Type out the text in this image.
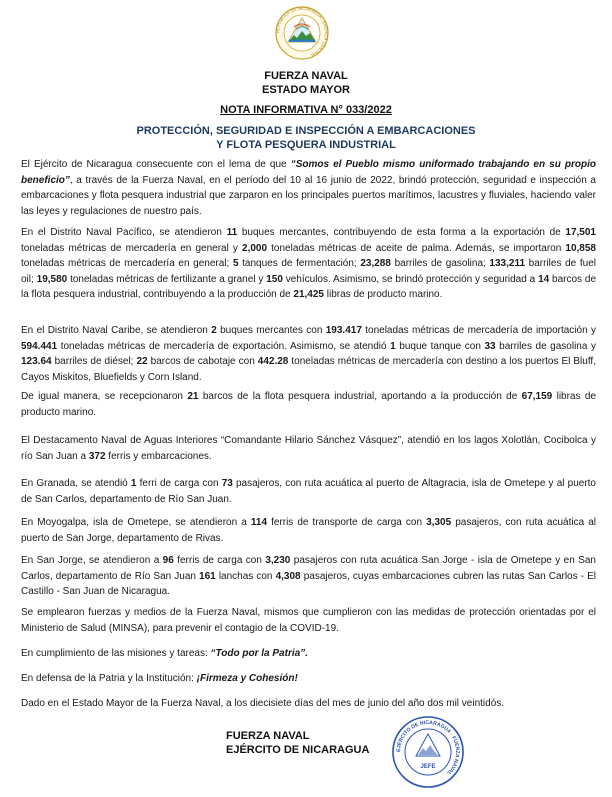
REPÚBLICA DE NICARAGUA · AMÉRICA CENTRAL
FUERZA NAVAL
ESTADO MAYOR
NOTA INFORMATIVA N° 033/2022
PROTECCIÓN, SEGURIDAD E INSPECCIÓN A EMBARCACIONES
Y FLOTA PESQUERA INDUSTRIAL

El Ejército de Nicaragua consecuente con el lema de que “Somos el Pueblo mismo uniformado trabajando en su propio beneficio”, a través de la Fuerza Naval, en el período del 10 al 16 junio de 2022, brindó protección, seguridad e inspección a embarcaciones y flota pesquera industrial que zarparon en los principales puertos marítimos, lacustres y fluviales, haciendo valer las leyes y regulaciones de nuestro país.

En el Distrito Naval Pacífico, se atendieron 11 buques mercantes, contribuyendo de esta forma a la exportación de 17,501 toneladas métricas de mercadería en general y 2,000 toneladas métricas de aceite de palma. Además, se importaron 10,858 toneladas métricas de mercadería en general; 5 tanques de fermentación; 23,288 barriles de gasolina; 133,211 barriles de fuel oil; 19,580 toneladas métricas de fertilizante a granel y 150 vehículos. Asimismo, se brindó protección y seguridad a 14 barcos de la flota pesquera industrial, contribuyendo a la producción de 21,425 libras de producto marino.

En el Distrito Naval Caribe, se atendieron 2 buques mercantes con 193.417 toneladas métricas de mercadería de importación y 594.441 toneladas métricas de mercadería de exportación. Asimismo, se atendió 1 buque tanque con 33 barriles de gasolina y 123.64 barriles de diésel; 22 barcos de cabotaje con 442.28 toneladas métricas de mercadería con destino a los puertos El Bluff, Cayos Miskitos, Bluefields y Corn Island.

De igual manera, se recepcionaron 21 barcos de la flota pesquera industrial, aportando a la producción de 67,159 libras de producto marino.

El Destacamento Naval de Aguas Interiores “Comandante Hilario Sánchez Vásquez”, atendió en los lagos Xolotlán, Cocibolca y río San Juan a 372 ferris y embarcaciones.

En Granada, se atendió 1 ferri de carga con 73 pasajeros, con ruta acuática al puerto de Altagracia, isla de Ometepe y al puerto de San Carlos, departamento de Río San Juan.

En Moyogalpa, isla de Ometepe, se atendieron a 114 ferris de transporte de carga con 3,305 pasajeros, con ruta acuática al puerto de San Jorge, departamento de Rivas.

En San Jorge, se atendieron a 96 ferris de carga con 3,230 pasajeros con ruta acuática San Jorge - isla de Ometepe y en San Carlos, departamento de Río San Juan 161 lanchas con 4,308 pasajeros, cuyas embarcaciones cubren las rutas San Carlos - El Castillo - San Juan de Nicaragua.

Se emplearon fuerzas y medios de la Fuerza Naval, mismos que cumplieron con las medidas de protección orientadas por el Ministerio de Salud (MINSA), para prevenir el contagio de la COVID-19.

En cumplimiento de las misiones y tareas: “Todo por la Patria”.

En defensa de la Patria y la Institución: ¡Firmeza y Cohesión!

Dado en el Estado Mayor de la Fuerza Naval, a los diecisiete días del mes de junio del año dos mil veintidós.

FUERZA NAVAL
EJÉRCITO DE NICARAGUA	EJÉRCITO DE NICARAGUA · FUERZA NAVAL
JEFE
